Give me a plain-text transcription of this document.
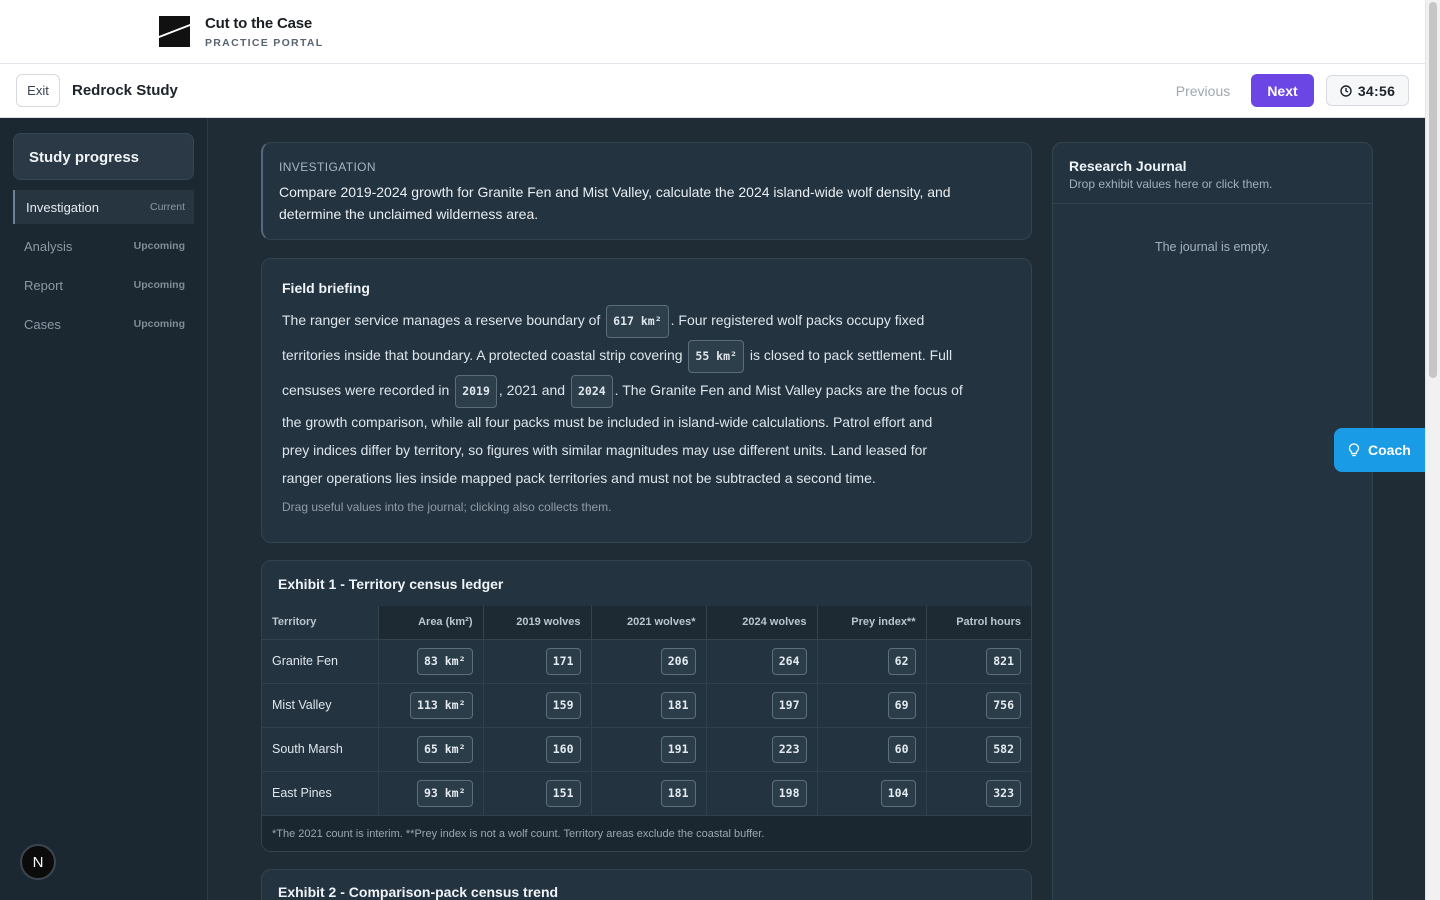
Cut to the Case
PRACTICE PORTAL
Exit	Redrock Study	Previous	Next	34:56
Study progress
Investigation	Current
Analysis	Upcoming
Report	Upcoming
Cases	Upcoming
N
INVESTIGATION
Compare 2019-2024 growth for Granite Fen and Mist Valley, calculate the 2024 island-wide wolf density, and determine the unclaimed wilderness area.
Field briefing
The ranger service manages a reserve boundary of 617 km² . Four registered wolf packs occupy fixed
territories inside that boundary. A protected coastal strip covering 55 km² is closed to pack settlement. Full
censuses were recorded in 2019 , 2021 and 2024 . The Granite Fen and Mist Valley packs are the focus of
the growth comparison, while all four packs must be included in island-wide calculations. Patrol effort and
prey indices differ by territory, so figures with similar magnitudes may use different units. Land leased for
ranger operations lies inside mapped pack territories and must not be subtracted a second time.
Drag useful values into the journal; clicking also collects them.
Exhibit 1 - Territory census ledger
Territory	Area (km²)	2019 wolves	2021 wolves*	2024 wolves	Prey index**	Patrol hours
Granite Fen	83 km²	171	206	264	62	821
Mist Valley	113 km²	159	181	197	69	756
South Marsh	65 km²	160	191	223	60	582
East Pines	93 km²	151	181	198	104	323
*The 2021 count is interim. **Prey index is not a wolf count. Territory areas exclude the coastal buffer.
Exhibit 2 - Comparison-pack census trend
Research Journal
Drop exhibit values here or click them.
The journal is empty.
Coach
